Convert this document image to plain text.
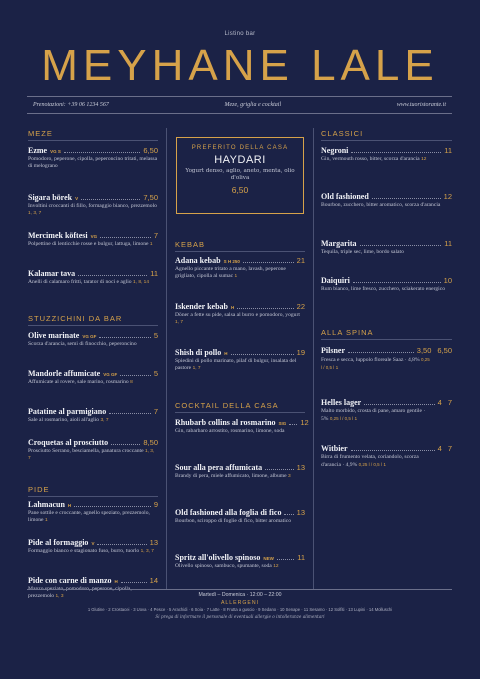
Listino bar
MEYHANE LALE
Prenotazioni: +39 06 1234 567	Meze, griglia e cocktail	www.tuoristorante.it
MEZE
Ezme VG S	6,50
Pomodoro, peperone, cipolla, peperoncino tritati, melassa di melograno
Sigara börek V	7,50
Involtini croccanti di fillo, formaggio bianco, prezzemolo 1, 3, 7
Mercimek köftesi VG	7
Polpettine di lenticchie rosse e bulgur, lattuga, limone 1
Kalamar tava	11
Anelli di calamaro fritti, tarator di noci e aglio 1, 8, 14
STUZZICHINI DA BAR
Olive marinate VG GF	5
Scorza d'arancia, semi di finocchio, peperoncino
Mandorle affumicate VG GF	5
Affumicate al rovere, sale marino, rosmarino 8
Patatine al parmigiano	7
Sale al rosmarino, aioli all'aglio 3, 7
Croquetas al prosciutto	8,50
Prosciutto Serrano, besciamella, panatura croccante 1, 3, 7
PIDE
Lahmacun H	9
Pane sottile e croccante, agnello speziato, prezzemolo, limone 1
Pide al formaggio V	13
Formaggio bianco e stagionato fuso, burro, tuorlo 1, 3, 7
Pide con carne di manzo H	14
prezzemolo 1, 3
PREFERITO DELLA CASA
HAYDARI
Yogurt denso, aglio, aneto, menta, olio d'oliva
6,50
KEBAB
Adana kebab S H 250	21
Agnello piccante tritato a mano, lavash, peperone grigliato, cipolla al sumac 1
Iskender kebab H	22
Döner a fette su pide, salsa al burro e pomodoro, yogurt 1, 7
Shish di pollo H	19
Spiedini di pollo marinato, pilaf di bulgur, insalata del pastore 1, 7
COCKTAIL DELLA CASA
Rhubarb collins al rosmarino SIG 12
Gin, rabarbaro arrostito, rosmarino, limone, soda
Sour alla pera affumicata	13
Brandy di pera, miele affumicato, limone, albume 3
Old fashioned alla foglia di fico 13
Bourbon, sciroppo di foglie di fico, bitter aromatico
Spritz all'olivello spinoso NEW	11
Olivello spinoso, sambuco, spumante, soda 12
CLASSICI
Negroni	11
Gin, vermouth rosso, bitter, scorza d'arancia 12
Old fashioned	12
Bourbon, zucchero, bitter aromatico, scorza d'arancia
Margarita	11
Tequila, triple sec, lime, bordo salato
Daiquiri	10
Rum bianco, lime fresco, zucchero, sciakerato energico
ALLA SPINA
Pilsner	3,50 6,50
Fresca e secca, luppolo floreale Saaz · 4,8% 0,25 l / 0,5 l 1
Helles lager	4 7
Malto morbido, crosta di pane, amaro gentile · 5% 0,25 l / 0,5 l 1
Witbier	4 7
Birra di frumento velata, coriandolo, scorza d'arancia · 4,9% 0,25 l / 0,5 l 1
Martedì – Domenica · 12:00 – 22:00
ALLERGENI
1 Glutine · 2 Crostacei · 3 Uova · 4 Pesce · 5 Arachidi · 6 Soia · 7 Latte · 8 Frutta a guscio · 9 Sedano · 10 Senape · 11 Sesamo · 12 Solfiti · 13 Lupini · 14 Molluschi
Si prega di informare il personale di eventuali allergie o intolleranze alimentari
